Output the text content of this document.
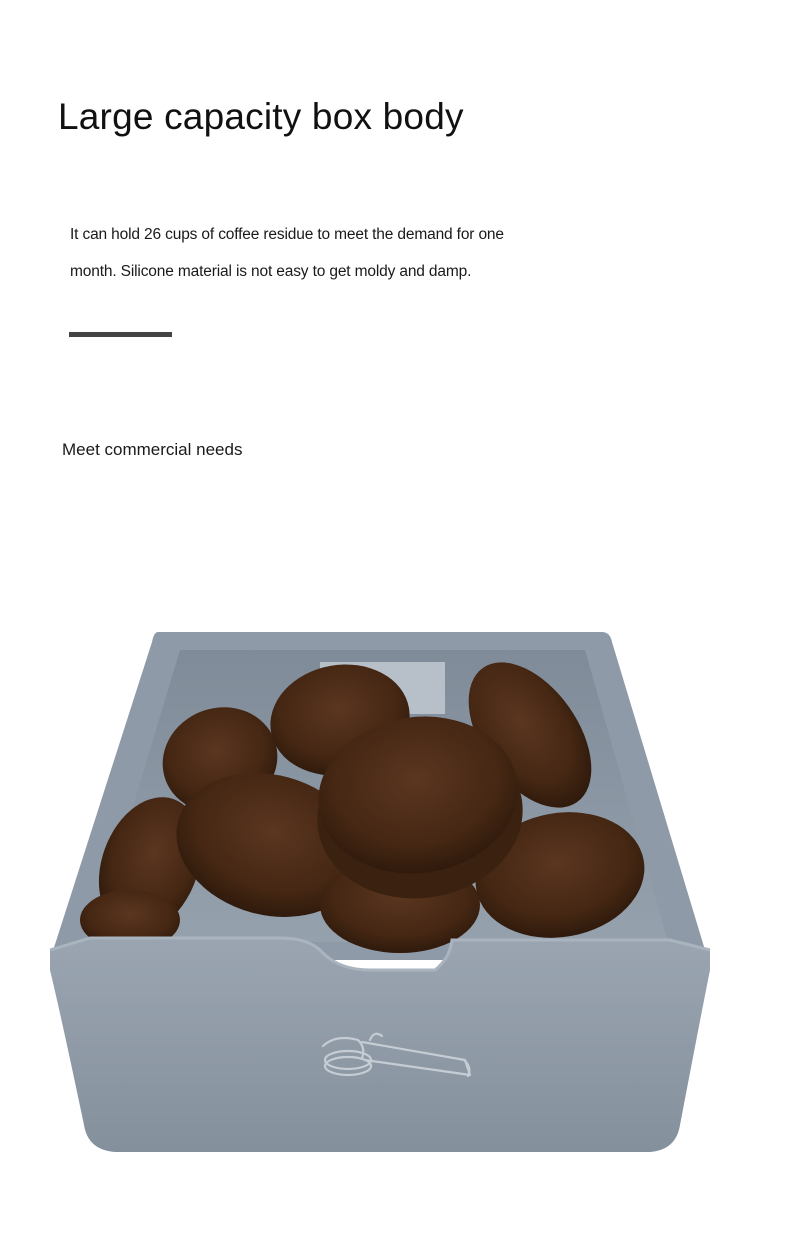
Large capacity box body
It can hold 26 cups of coffee residue to meet the demand for one month. Silicone material is not easy to get moldy and damp.
Meet commercial needs
